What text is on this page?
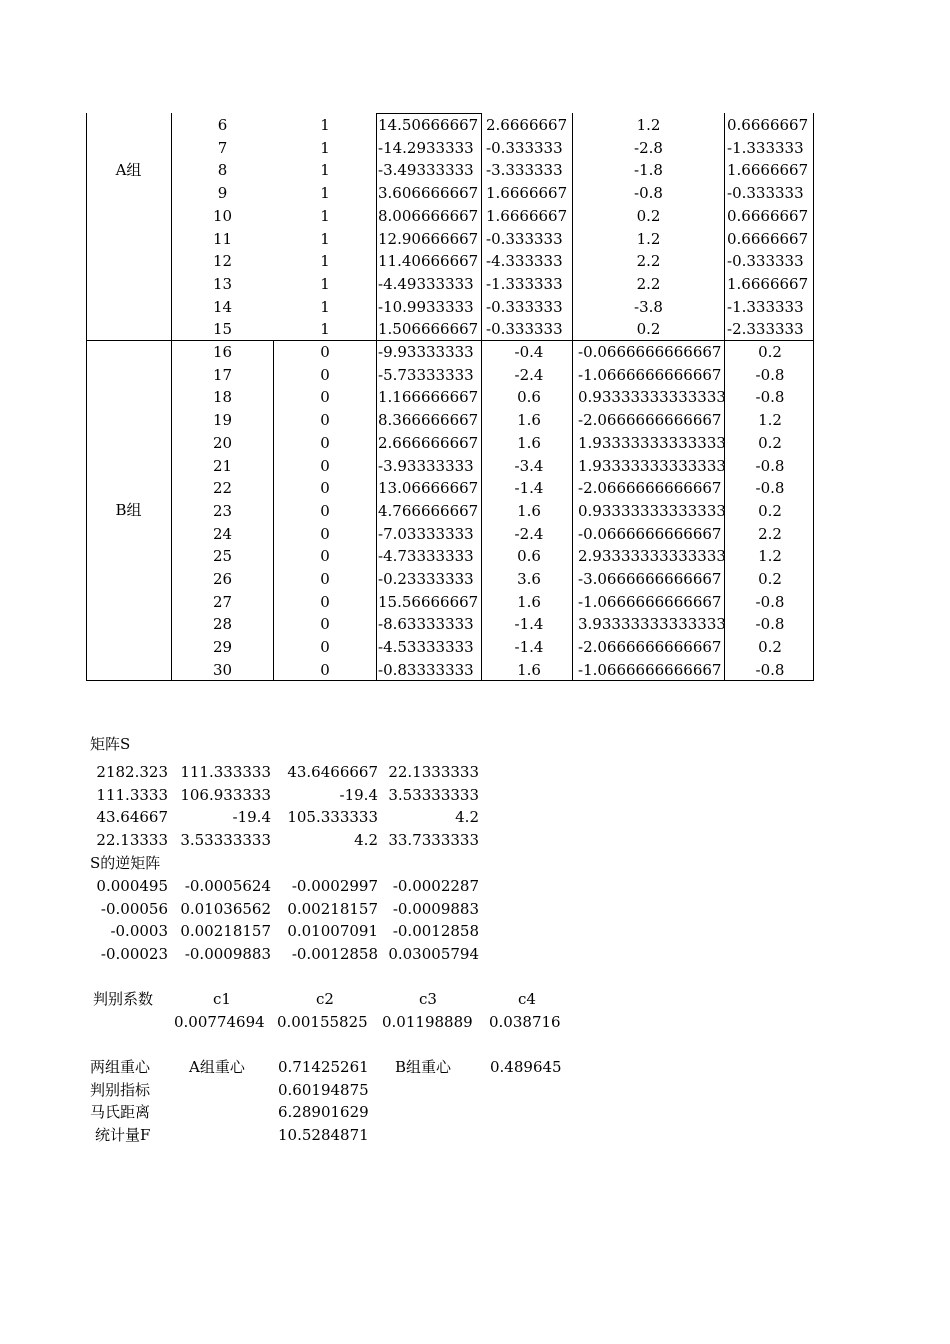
A组
B组
6	1	14.50666667 2.6666667	1.2	0.6666667
7	1	-14.2933333 -0.333333	-2.8	-1.333333
8	1	-3.49333333 -3.333333	-1.8	1.6666667
9	1	3.606666667 1.6666667	-0.8	-0.333333
10	1	8.006666667 1.6666667	0.2	0.6666667
11	1	12.90666667 -0.333333	1.2	0.6666667
12	1	11.40666667 -4.333333	2.2	-0.333333
13	1	-4.49333333 -1.333333	2.2	1.6666667
14	1	-10.9933333 -0.333333	-3.8	-1.333333
15	1	1.506666667 -0.333333	0.2	-2.333333
16	0	-9.93333333	-0.4	-0.0666666666667	0.2
17	0	-5.73333333	-2.4	-1.0666666666667	-0.8
18	0	1.166666667	0.6	0.93333333333333	-0.8
19	0	8.366666667	1.6	-2.0666666666667	1.2
20	0	2.666666667	1.6	1.93333333333333	0.2
21	0	-3.93333333	-3.4	1.93333333333333	-0.8
22	0	13.06666667	-1.4	-2.0666666666667	-0.8
23	0	4.766666667	1.6	0.93333333333333	0.2
24	0	-7.03333333	-2.4	-0.0666666666667	2.2
25	0	-4.73333333	0.6	2.93333333333333	1.2
26	0	-0.23333333	3.6	-3.0666666666667	0.2
27	0	15.56666667	1.6	-1.0666666666667	-0.8
28	0	-8.63333333	-1.4	3.93333333333333	-0.8
29	0	-4.53333333	-1.4	-2.0666666666667	0.2
30	0	-0.83333333	1.6	-1.0666666666667	-0.8
矩阵S
2182.323 111.333333	43.6466667 22.1333333
111.3333 106.933333	-19.4 3.53333333
43.64667	-19.4	105.333333	4.2
22.13333 3.53333333	4.2 33.7333333
S的逆矩阵
0.000495	-0.0005624	-0.0002997 -0.0002287
-0.00056 0.01036562	0.00218157 -0.0009883
-0.0003 0.00218157	0.01007091 -0.0012858
-0.00023	-0.0009883	-0.0012858 0.03005794
判别系数	c1	c2	c3	c4
0.00774694 0.00155825 0.01198889 0.038716
两组重心	A组重心 0.71425261 B组重心	0.489645
判别指标	0.60194875
马氏距离	6.28901629
统计量F	10.5284871
